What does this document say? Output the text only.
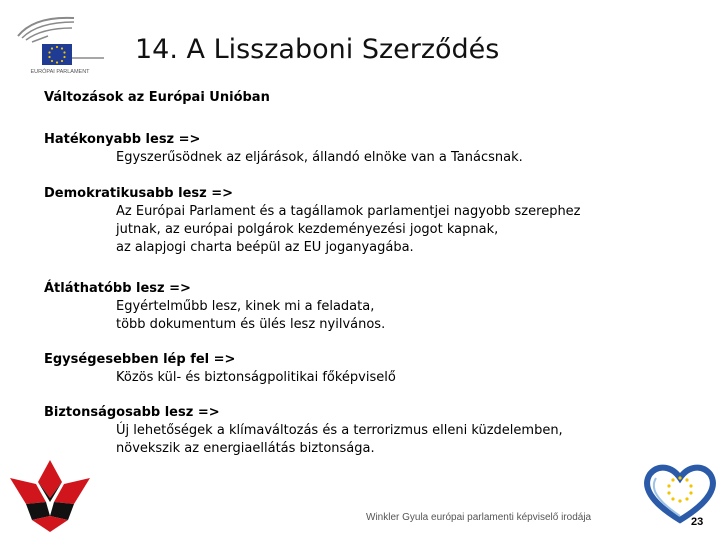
EURÓPAI PARLAMENT
14. A Lisszaboni Szerződés
Változások az Európai Unióban
Hatékonyabb lesz =>
Egyszerűsödnek az eljárások, állandó elnöke van a Tanácsnak.
Demokratikusabb lesz =>
Az Európai Parlament és a tagállamok parlamentjei nagyobb szerephez
jutnak, az európai polgárok kezdeményezési jogot kapnak,
az alapjogi charta beépül az EU joganyagába.
Átláthatóbb lesz =>
Egyértelműbb lesz, kinek mi a feladata,
több dokumentum és ülés lesz nyilvános.
Egységesebben lép fel =>
Közös kül- és biztonságpolitikai főképviselő
Biztonságosabb lesz =>
Új lehetőségek a klímaváltozás és a terrorizmus elleni küzdelemben,
növekszik az energiaellátás biztonsága.
Winkler Gyula európai parlamenti képviselő irodája	23
